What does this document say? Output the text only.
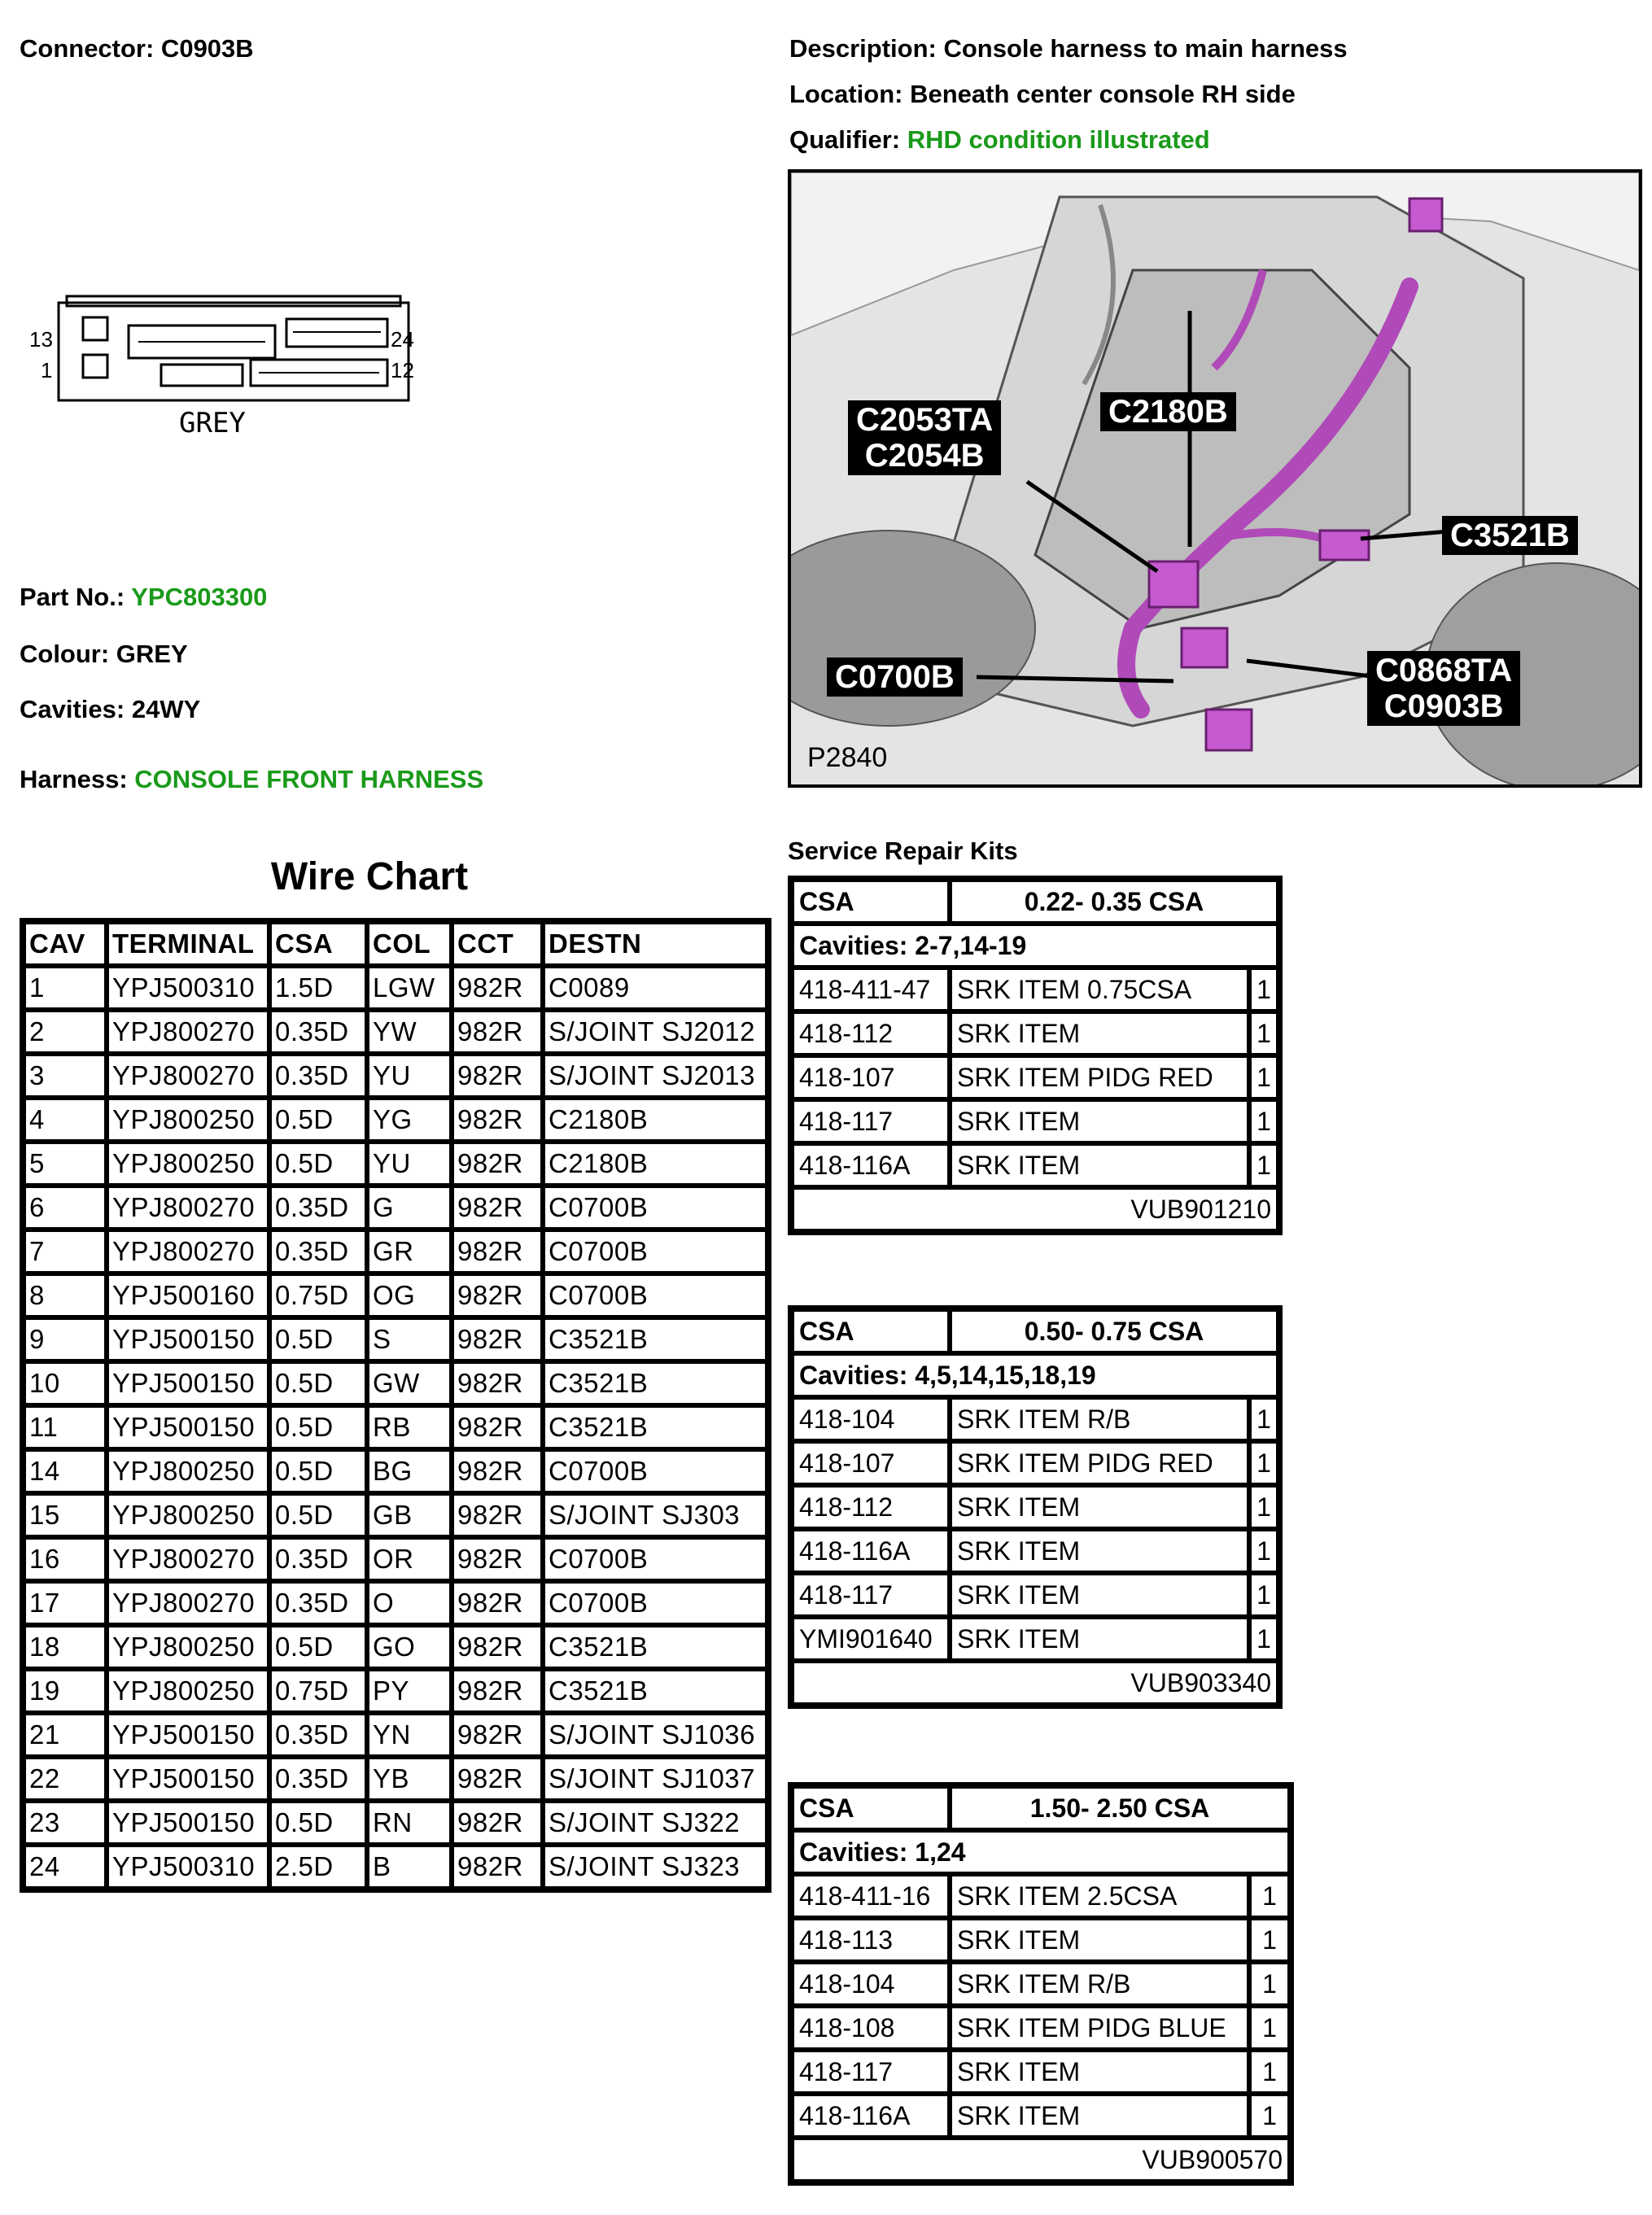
Connector: C0903B	Description: Console harness to main harness
Location: Beneath center console RH side
Qualifier: RHD condition illustrated
13
1
24
12
GREY
Part No.: YPC803300
Colour: GREY
Cavities: 24WY
Harness: CONSOLE FRONT HARNESS
C2053TA
C2054B
C2180B
C3521B
C0700B	C0868TA
C0903B
P2840
Wire Chart
CAV	TERMINAL	CSA	COL	CCT	DESTN
1	YPJ500310	1.5D	LGW	982R	C0089
2	YPJ800270	0.35D	YW	982R	S/JOINT SJ2012
3	YPJ800270	0.35D	YU	982R	S/JOINT SJ2013
4	YPJ800250	0.5D	YG	982R	C2180B
5	YPJ800250	0.5D	YU	982R	C2180B
6	YPJ800270	0.35D	G	982R	C0700B
7	YPJ800270	0.35D	GR	982R	C0700B
8	YPJ500160	0.75D	OG	982R	C0700B
9	YPJ500150	0.5D	S	982R	C3521B
10	YPJ500150	0.5D	GW	982R	C3521B
11	YPJ500150	0.5D	RB	982R	C3521B
14	YPJ800250	0.5D	BG	982R	C0700B
15	YPJ800250	0.5D	GB	982R	S/JOINT SJ303
16	YPJ800270	0.35D	OR	982R	C0700B
17	YPJ800270	0.35D	O	982R	C0700B
18	YPJ800250	0.5D	GO	982R	C3521B
19	YPJ800250	0.75D	PY	982R	C3521B
21	YPJ500150	0.35D	YN	982R	S/JOINT SJ1036
22	YPJ500150	0.35D	YB	982R	S/JOINT SJ1037
23	YPJ500150	0.5D	RN	982R	S/JOINT SJ322
24	YPJ500310	2.5D	B	982R	S/JOINT SJ323
Service Repair Kits
CSA	0.22- 0.35 CSA	
Cavities: 2-7,14-19		
418-411-47	SRK ITEM 0.75CSA	1
418-112	SRK ITEM	1
418-107	SRK ITEM PIDG RED	1
418-117	SRK ITEM	1
418-116A	SRK ITEM	1
VUB901210		
CSA	0.50- 0.75 CSA	
Cavities: 4,5,14,15,18,19		
418-104	SRK ITEM R/B	1
418-107	SRK ITEM PIDG RED	1
418-112	SRK ITEM	1
418-116A	SRK ITEM	1
418-117	SRK ITEM	1
YMI901640	SRK ITEM	1
VUB903340		
CSA	1.50- 2.50 CSA	
Cavities: 1,24		
418-411-16	SRK ITEM 2.5CSA	1
418-113	SRK ITEM	1
418-104	SRK ITEM R/B	1
418-108	SRK ITEM PIDG BLUE	1
418-117	SRK ITEM	1
418-116A	SRK ITEM	1
VUB900570		
